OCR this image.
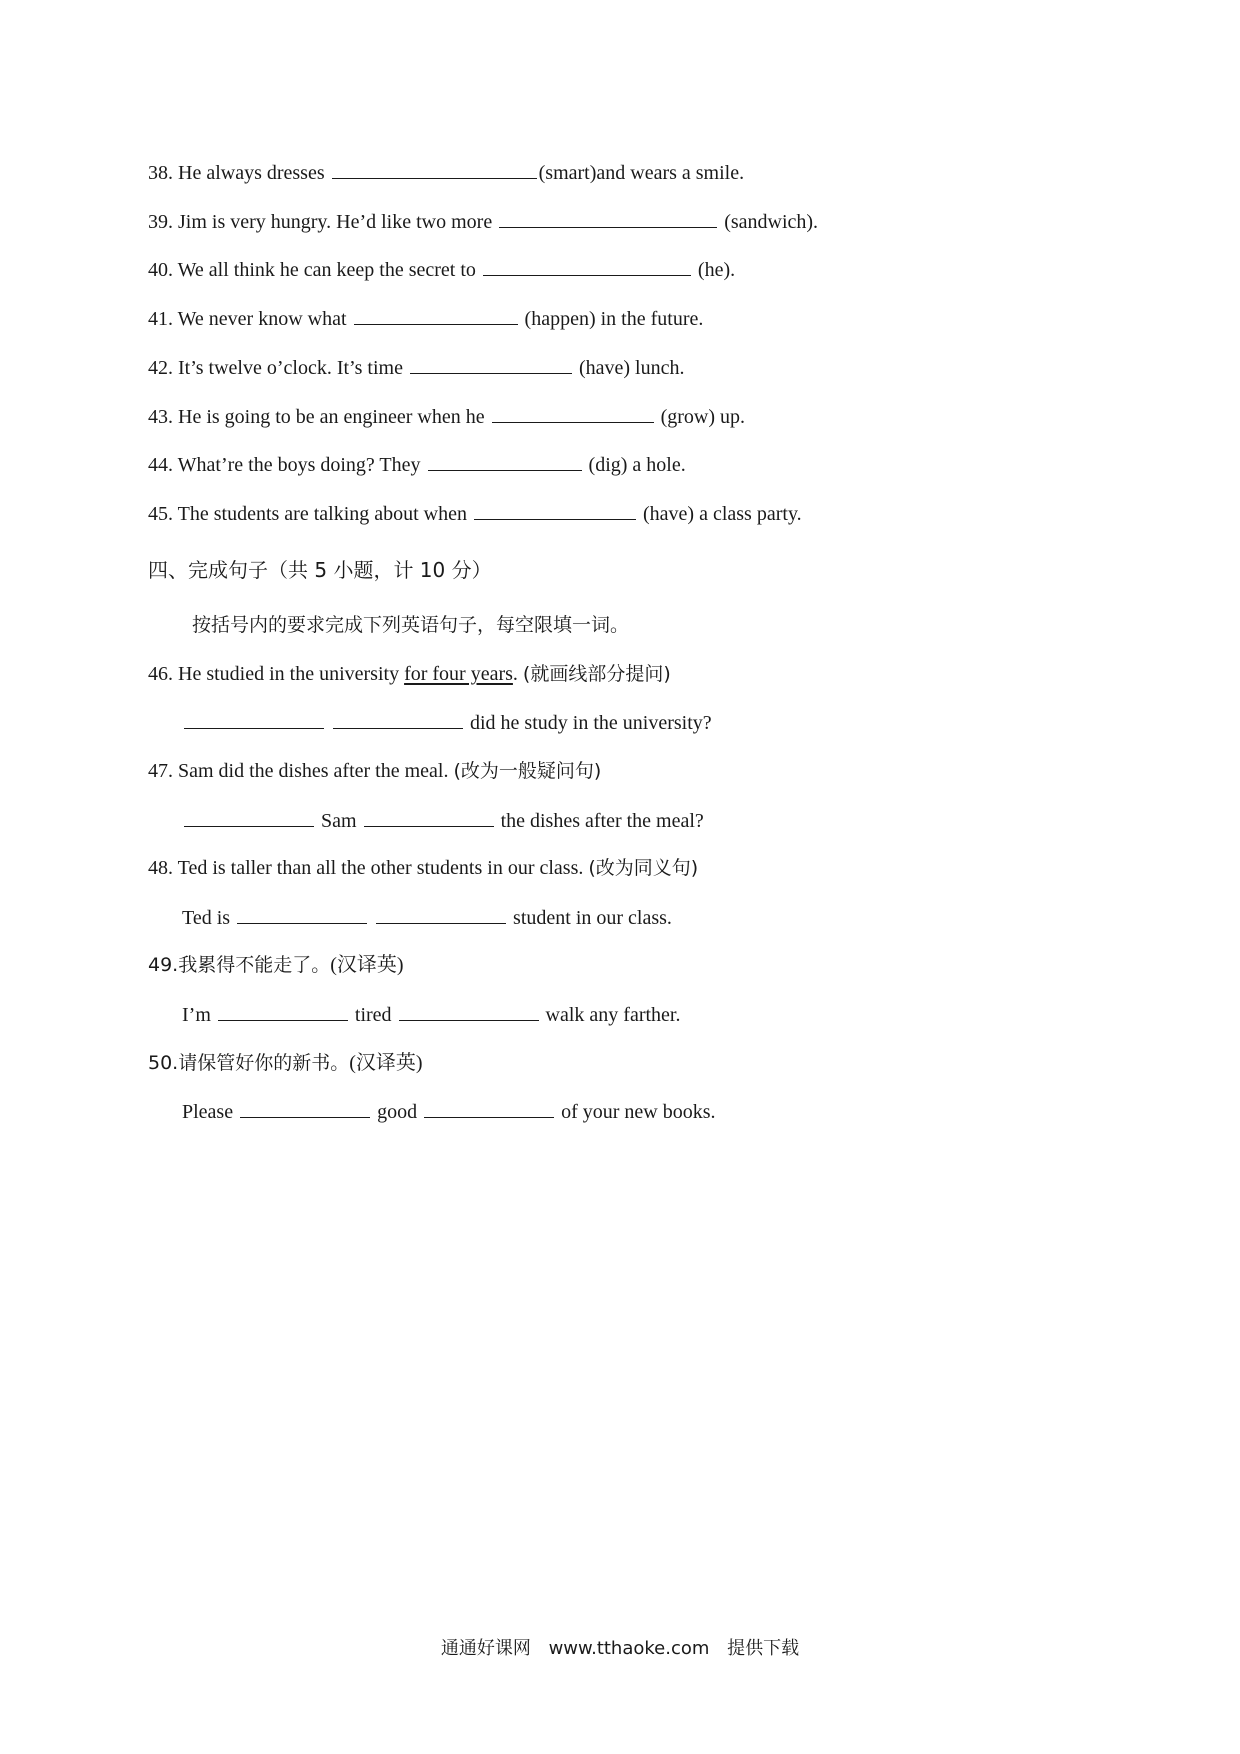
38. He always dresses	(smart)and wears a smile.
39. Jim is very hungry. He’d like two more	(sandwich).
40. We all think he can keep the secret to	(he).
41. We never know what	(happen) in the future.
42. It’s twelve o’clock. It’s time	(have) lunch.
43. He is going to be an engineer when he	(grow) up.
44. What’re the boys doing? They	(dig) a hole.
45. The students are talking about when	(have) a class party.
四、完成句子（共 5 小题，计 10 分）
按括号内的要求完成下列英语句子，每空限填一词。
46. He studied in the university for four years. (就画线部分提问)
did he study in the university?
47. Sam did the dishes after the meal. (改为一般疑问句)
Sam	the dishes after the meal?
48. Ted is taller than all the other students in our class. (改为同义句)
Ted is	student in our class.
49.我累得不能走了。(汉译英)
I’m	tired	walk any farther.
50.请保管好你的新书。(汉译英)
Please	good	of your new books.
通通好课网 www.tthaoke.com 提供下载
